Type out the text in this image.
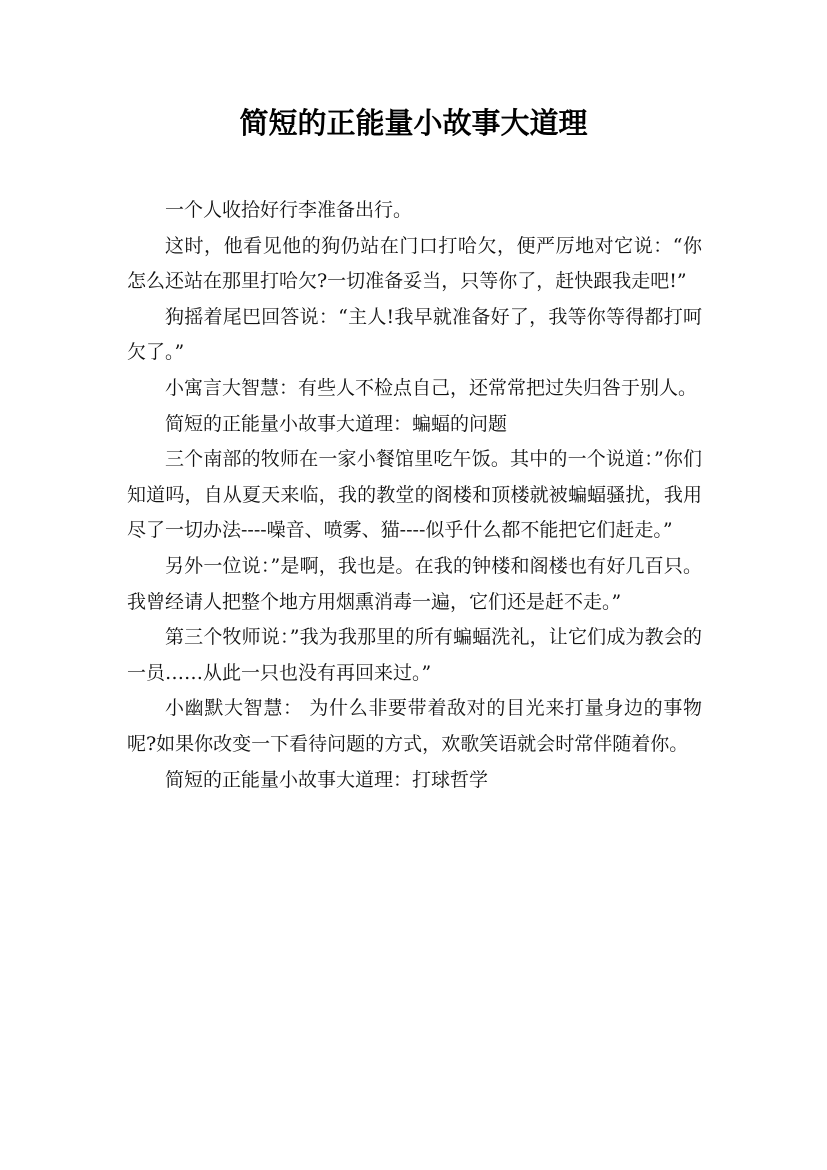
简短的正能量小故事大道理

一个人收拾好行李准备出行。

这时，他看见他的狗仍站在门口打哈欠，便严厉地对它说：“你怎么还站在那里打哈欠?一切准备妥当，只等你了，赶快跟我走吧!”

狗摇着尾巴回答说：“主人!我早就准备好了，我等你等得都打呵欠了。”

小寓言大智慧：有些人不检点自己，还常常把过失归咎于别人。

简短的正能量小故事大道理：蝙蝠的问题

三个南部的牧师在一家小餐馆里吃午饭。其中的一个说道：”你们知道吗，自从夏天来临，我的教堂的阁楼和顶楼就被蝙蝠骚扰，我用尽了一切办法----噪音、喷雾、猫----似乎什么都不能把它们赶走。”

另外一位说：”是啊，我也是。在我的钟楼和阁楼也有好几百只。我曾经请人把整个地方用烟熏消毒一遍，它们还是赶不走。”

第三个牧师说：”我为我那里的所有蝙蝠洗礼，让它们成为教会的一员……从此一只也没有再回来过。”

小幽默大智慧： 为什么非要带着敌对的目光来打量身边的事物呢?如果你改变一下看待问题的方式，欢歌笑语就会时常伴随着你。

简短的正能量小故事大道理：打球哲学
